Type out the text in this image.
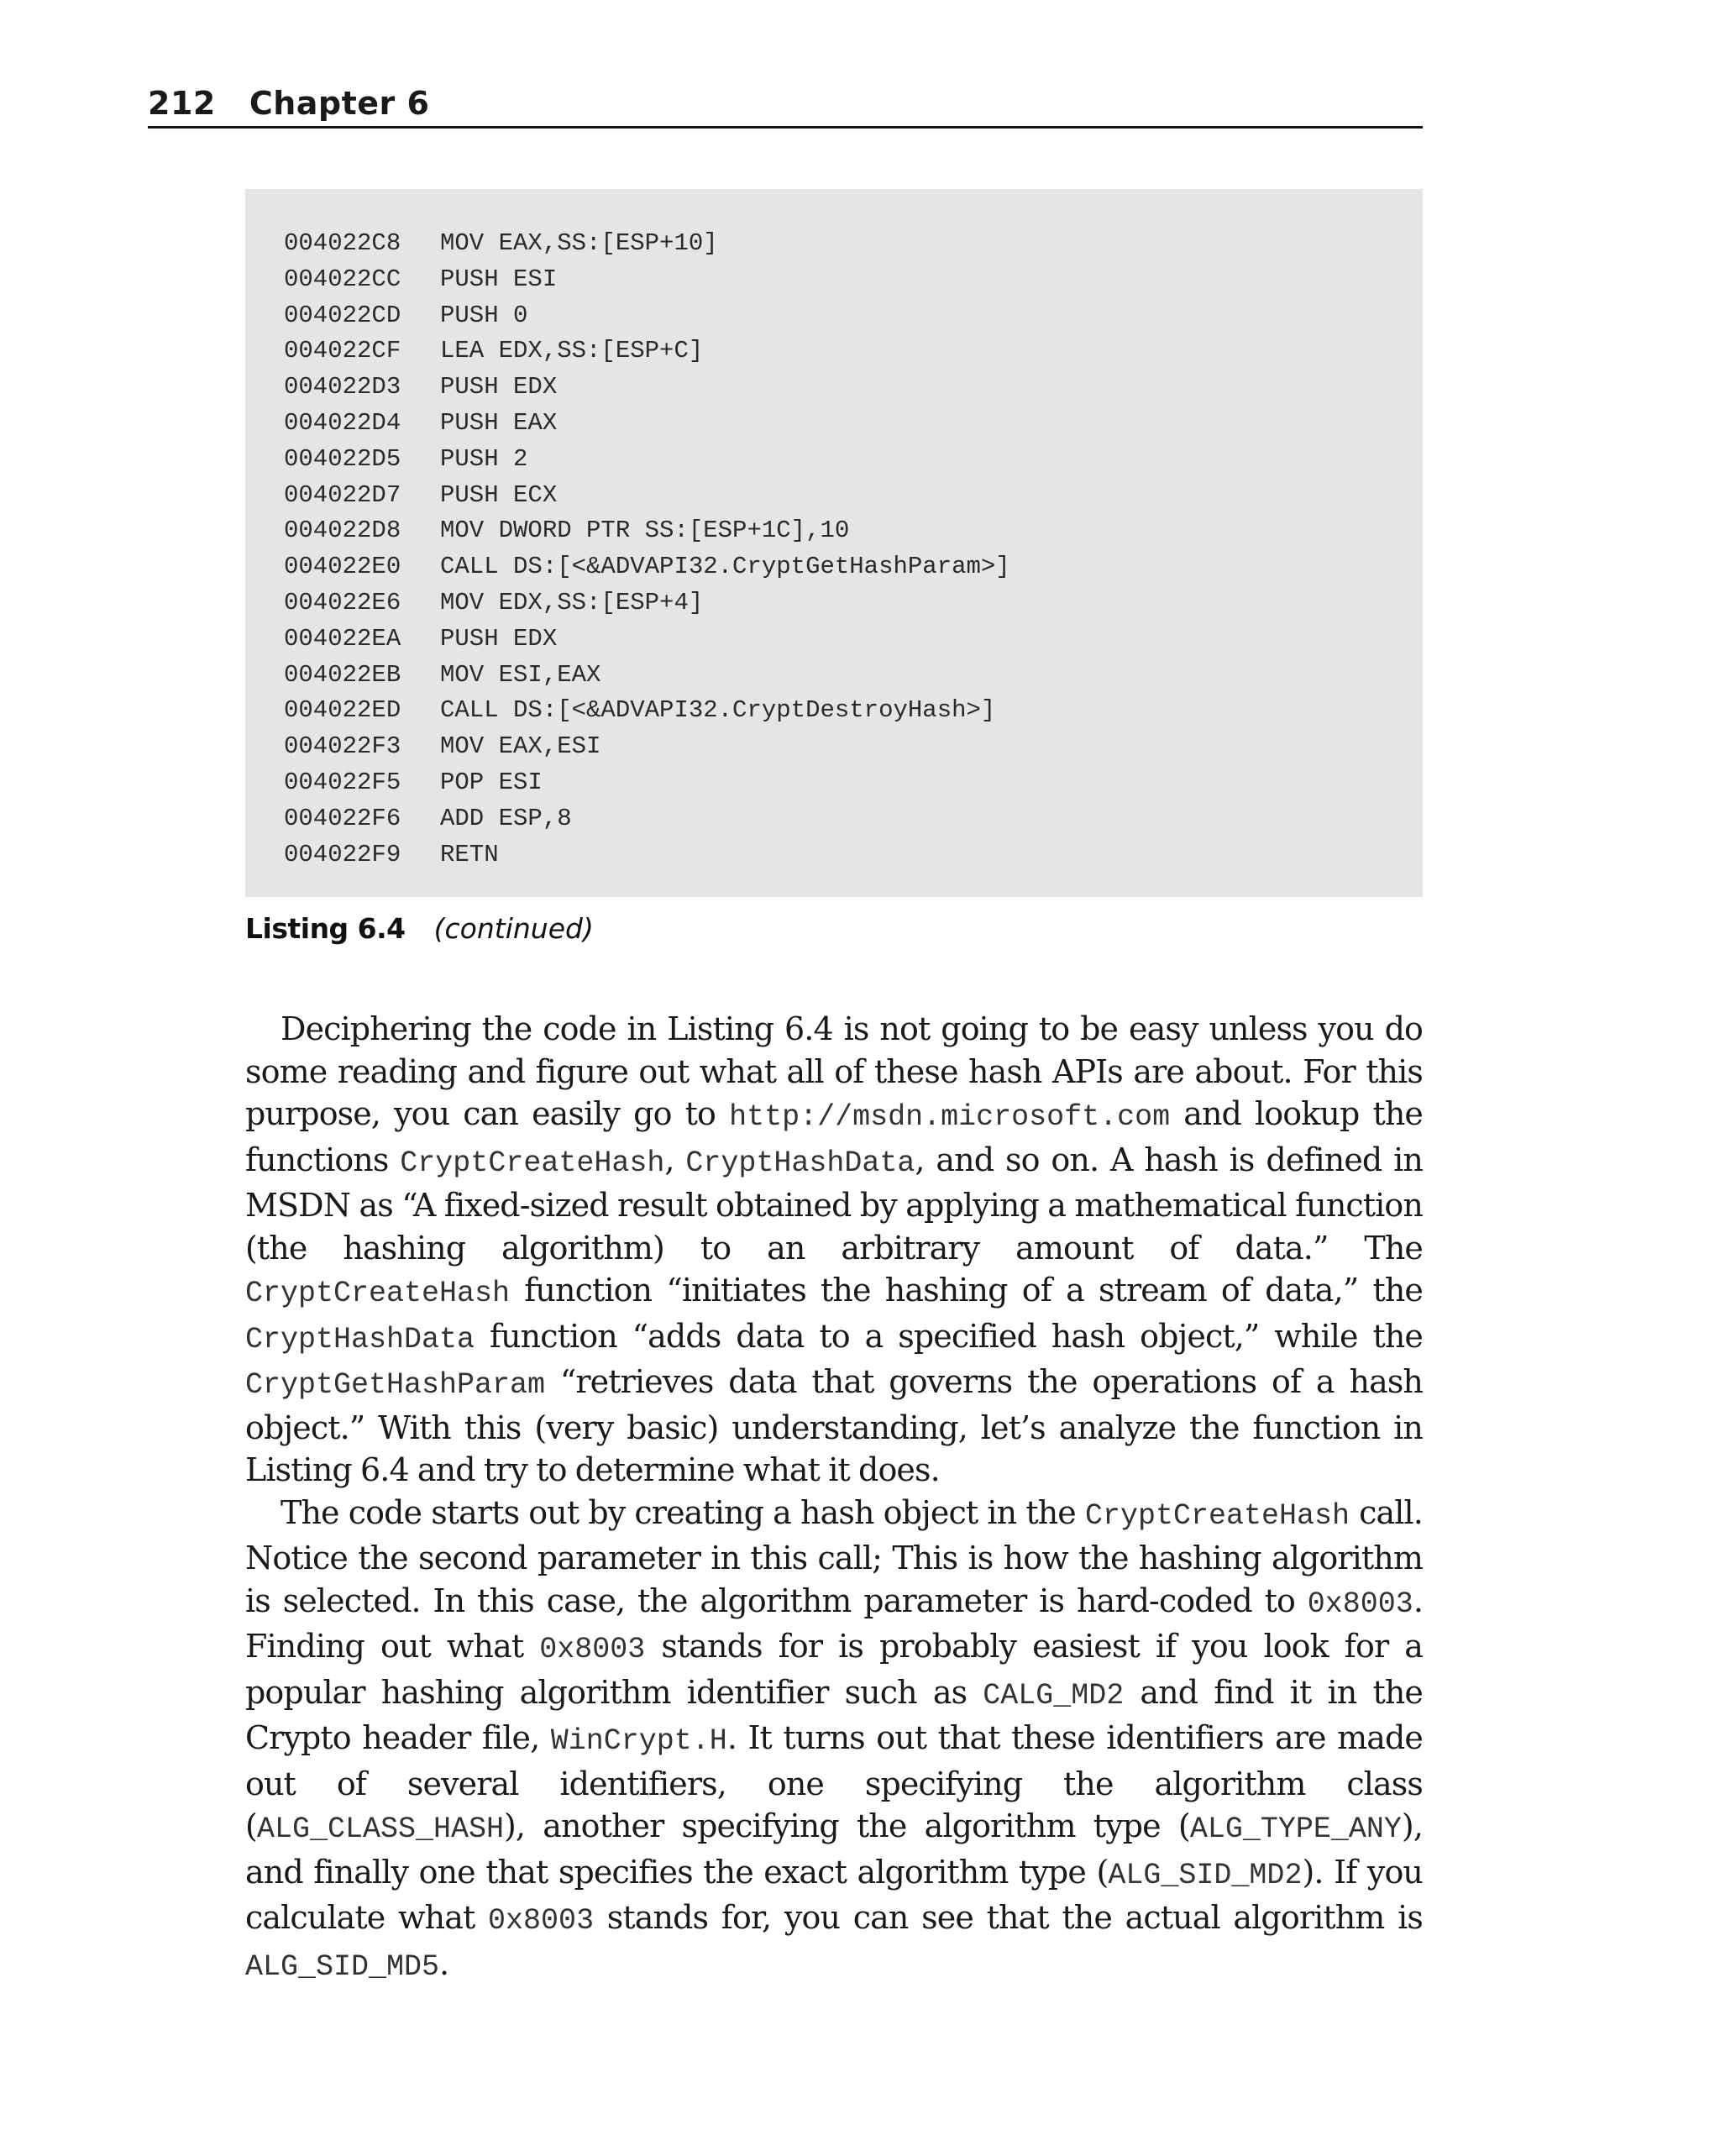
212 Chapter 6
004022C8 MOV EAX,SS:[ESP+10]
004022CC PUSH ESI
004022CD PUSH 0
004022CF LEA EDX,SS:[ESP+C]
004022D3 PUSH EDX
004022D4 PUSH EAX
004022D5 PUSH 2
004022D7 PUSH ECX
004022D8 MOV DWORD PTR SS:[ESP+1C],10
004022E0 CALL DS:[<&ADVAPI32.CryptGetHashParam>]
004022E6 MOV EDX,SS:[ESP+4]
004022EA PUSH EDX
004022EB MOV ESI,EAX
004022ED CALL DS:[<&ADVAPI32.CryptDestroyHash>]
004022F3 MOV EAX,ESI
004022F5 POP ESI
004022F6 ADD ESP,8
004022F9 RETN
Listing 6.4 (continued)

Deciphering the code in Listing 6.4 is not going to be easy unless you do some reading and figure out what all of these hash APIs are about. For this purpose, you can easily go to http://msdn.microsoft.com and lookup the functions CryptCreateHash, CryptHashData, and so on. A hash is defined in MSDN as “A fixed-sized result obtained by applying a mathematical function (the hashing algorithm) to an arbitrary amount of data.” The CryptCreateHash function “initiates the hashing of a stream of data,” the CryptHashData function “adds data to a specified hash object,” while the CryptGetHashParam “retrieves data that governs the operations of a hash object.” With this (very basic) understanding, let’s analyze the function in Listing 6.4 and try to determine what it does.

The code starts out by creating a hash object in the CryptCreateHash call. Notice the second parameter in this call; This is how the hashing algorithm is selected. In this case, the algorithm parameter is hard-coded to 0x8003. Finding out what 0x8003 stands for is probably easiest if you look for a popular hashing algorithm identifier such as CALG_MD2 and find it in the Crypto header file, WinCrypt.H. It turns out that these identifiers are made out of several identifiers, one specifying the algorithm class (ALG_CLASS_HASH), another specifying the algorithm type (ALG_TYPE_ANY), and finally one that specifies the exact algorithm type (ALG_SID_MD2). If you calculate what 0x8003 stands for, you can see that the actual algorithm is ALG_SID_MD5.
